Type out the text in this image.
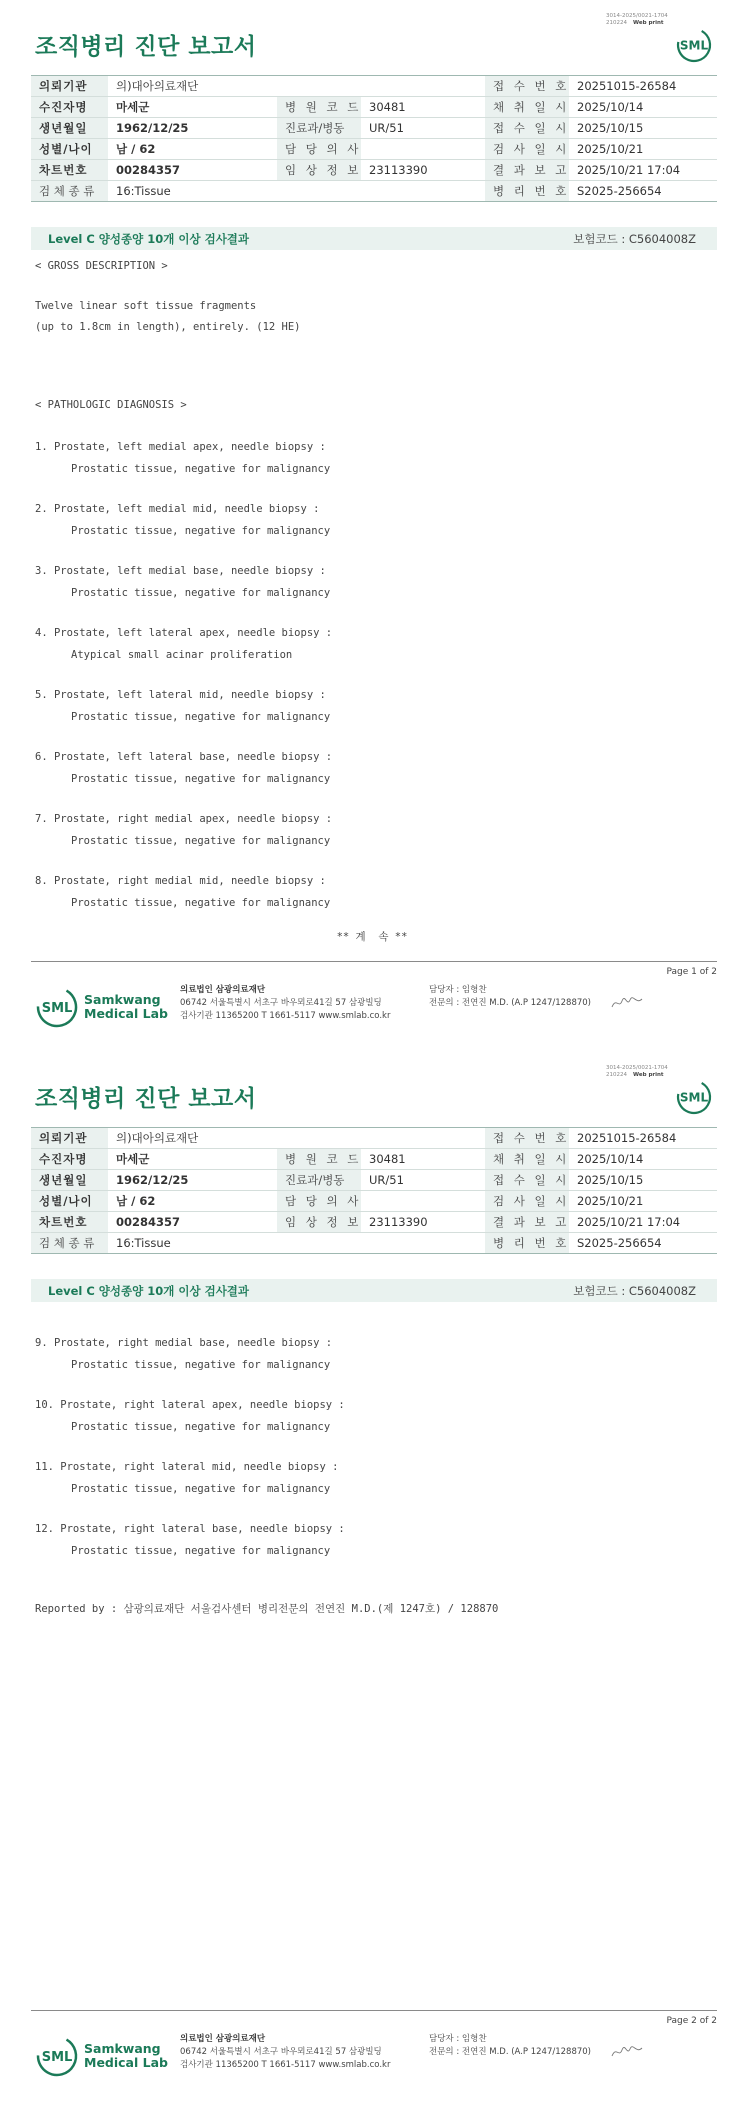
3014-2025/0021-1704
210224 Web print
조직병리 진단 보고서	SML
의뢰기관	의)대아의료재단			접 수 번 호	20251015-26584
수진자명	마세군	병 원 코 드	30481	채 취 일 시	2025/10/14
생년월일	1962/12/25	진료과/병동	UR/51	접 수 일 시	2025/10/15
성별/나이	남 / 62	담 당 의 사		검 사 일 시	2025/10/21
차트번호	00284357	임 상 정 보	23113390	결 과 보 고	2025/10/21 17:04
검 체 종 류	16:Tissue			병 리 번 호	S2025-256654
Level C 양성종양 10개 이상 검사결과	보험코드 : C5604008Z
< GROSS DESCRIPTION >
Twelve linear soft tissue fragments
(up to 1.8cm in length), entirely. (12 HE)
< PATHOLOGIC DIAGNOSIS >
1. Prostate, left medial apex, needle biopsy :
Prostatic tissue, negative for malignancy
2. Prostate, left medial mid, needle biopsy :
Prostatic tissue, negative for malignancy
3. Prostate, left medial base, needle biopsy :
Prostatic tissue, negative for malignancy
4. Prostate, left lateral apex, needle biopsy :
Atypical small acinar proliferation
5. Prostate, left lateral mid, needle biopsy :
Prostatic tissue, negative for malignancy
6. Prostate, left lateral base, needle biopsy :
Prostatic tissue, negative for malignancy
7. Prostate, right medial apex, needle biopsy :
Prostatic tissue, negative for malignancy
8. Prostate, right medial mid, needle biopsy :
Prostatic tissue, negative for malignancy
** 계  속 **
Page 1 of 2
SML
Samkwang
Medical Lab
의료법인 삼광의료재단
06742 서울특별시 서초구 바우뫼로41길 57 삼광빌딩
검사기관 11365200 T 1661-5117 www.smlab.co.kr
담당자 : 임형찬
전문의 : 전연진 M.D. (A.P 1247/128870)
3014-2025/0021-1704
210224 Web print
조직병리 진단 보고서	SML
의뢰기관	의)대아의료재단			접 수 번 호	20251015-26584
수진자명	마세군	병 원 코 드	30481	채 취 일 시	2025/10/14
생년월일	1962/12/25	진료과/병동	UR/51	접 수 일 시	2025/10/15
성별/나이	남 / 62	담 당 의 사		검 사 일 시	2025/10/21
차트번호	00284357	임 상 정 보	23113390	결 과 보 고	2025/10/21 17:04
검 체 종 류	16:Tissue			병 리 번 호	S2025-256654
Level C 양성종양 10개 이상 검사결과	보험코드 : C5604008Z
9. Prostate, right medial base, needle biopsy :
Prostatic tissue, negative for malignancy
10. Prostate, right lateral apex, needle biopsy :
Prostatic tissue, negative for malignancy
11. Prostate, right lateral mid, needle biopsy :
Prostatic tissue, negative for malignancy
12. Prostate, right lateral base, needle biopsy :
Prostatic tissue, negative for malignancy
Reported by : 삼광의료재단 서울검사센터 병리전문의 전연진 M.D.(제 1247호) / 128870
Page 2 of 2
SML
Samkwang
Medical Lab
의료법인 삼광의료재단
06742 서울특별시 서초구 바우뫼로41길 57 삼광빌딩
검사기관 11365200 T 1661-5117 www.smlab.co.kr
담당자 : 임형찬
전문의 : 전연진 M.D. (A.P 1247/128870)
